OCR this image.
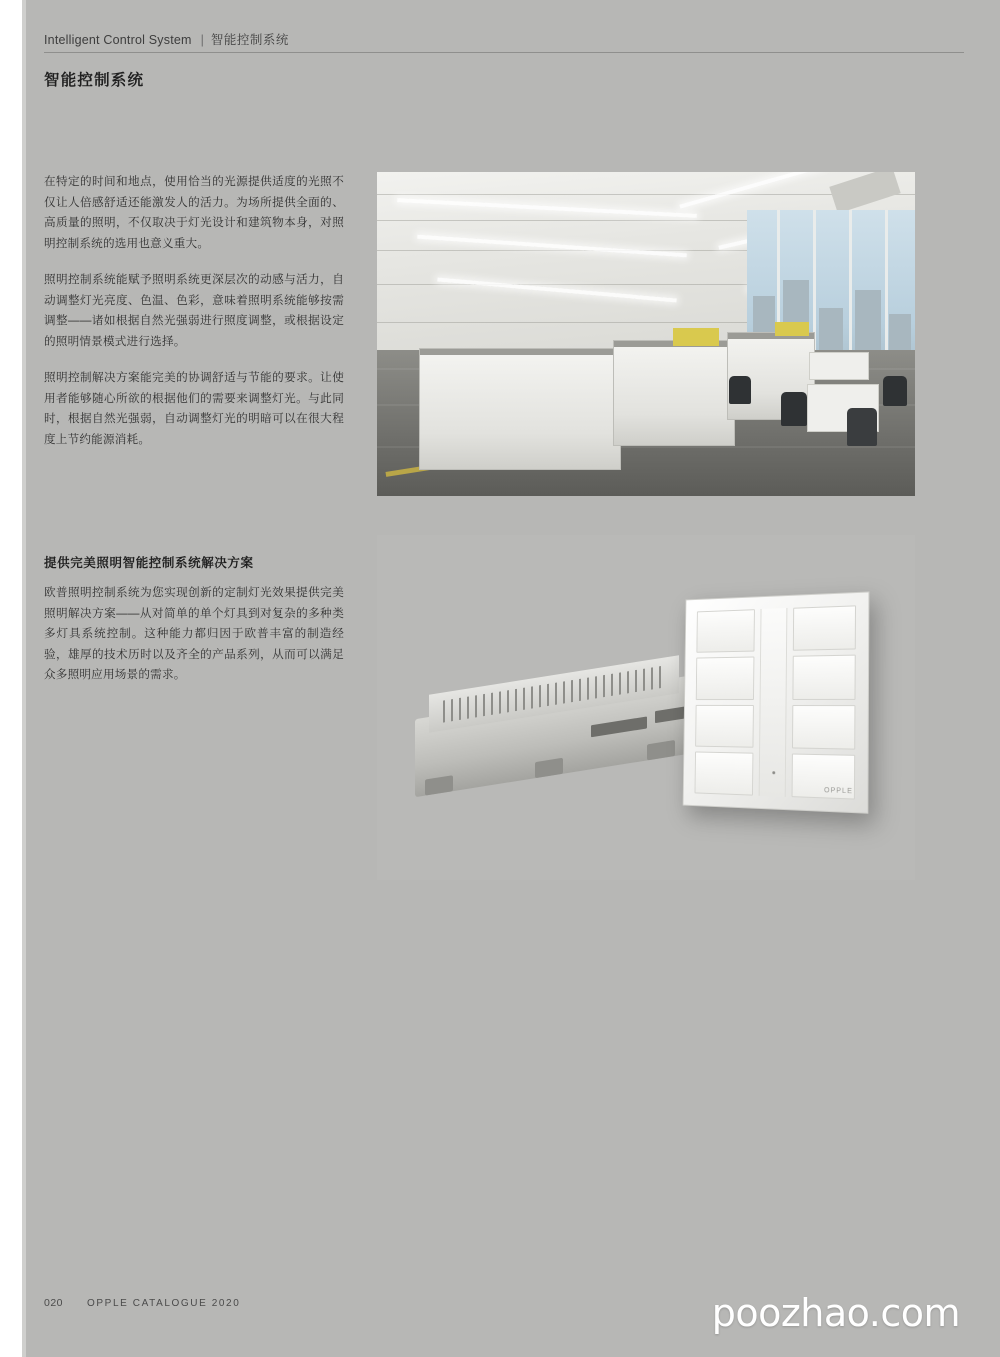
Intelligent Control System | 智能控制系统
智能控制系统

在特定的时间和地点，使用恰当的光源提供适度的光照不仅让人倍感舒适还能激发人的活力。为场所提供全面的、高质量的照明，不仅取决于灯光设计和建筑物本身，对照明控制系统的选用也意义重大。

照明控制系统能赋予照明系统更深层次的动感与活力，自动调整灯光亮度、色温、色彩，意味着照明系统能够按需调整——诸如根据自然光强弱进行照度调整，或根据设定的照明情景模式进行选择。

照明控制解决方案能完美的协调舒适与节能的要求。让使用者能够随心所欲的根据他们的需要来调整灯光。与此同时，根据自然光强弱，自动调整灯光的明暗可以在很大程度上节约能源消耗。

提供完美照明智能控制系统解决方案

欧普照明控制系统为您实现创新的定制灯光效果提供完美照明解决方案——从对简单的单个灯具到对复杂的多种类多灯具系统控制。这种能力都归因于欧普丰富的制造经验，雄厚的技术历时以及齐全的产品系列，从而可以满足众多照明应用场景的需求。

OPPLE
020 OPPLE CATALOGUE 2020	poozhao.com
